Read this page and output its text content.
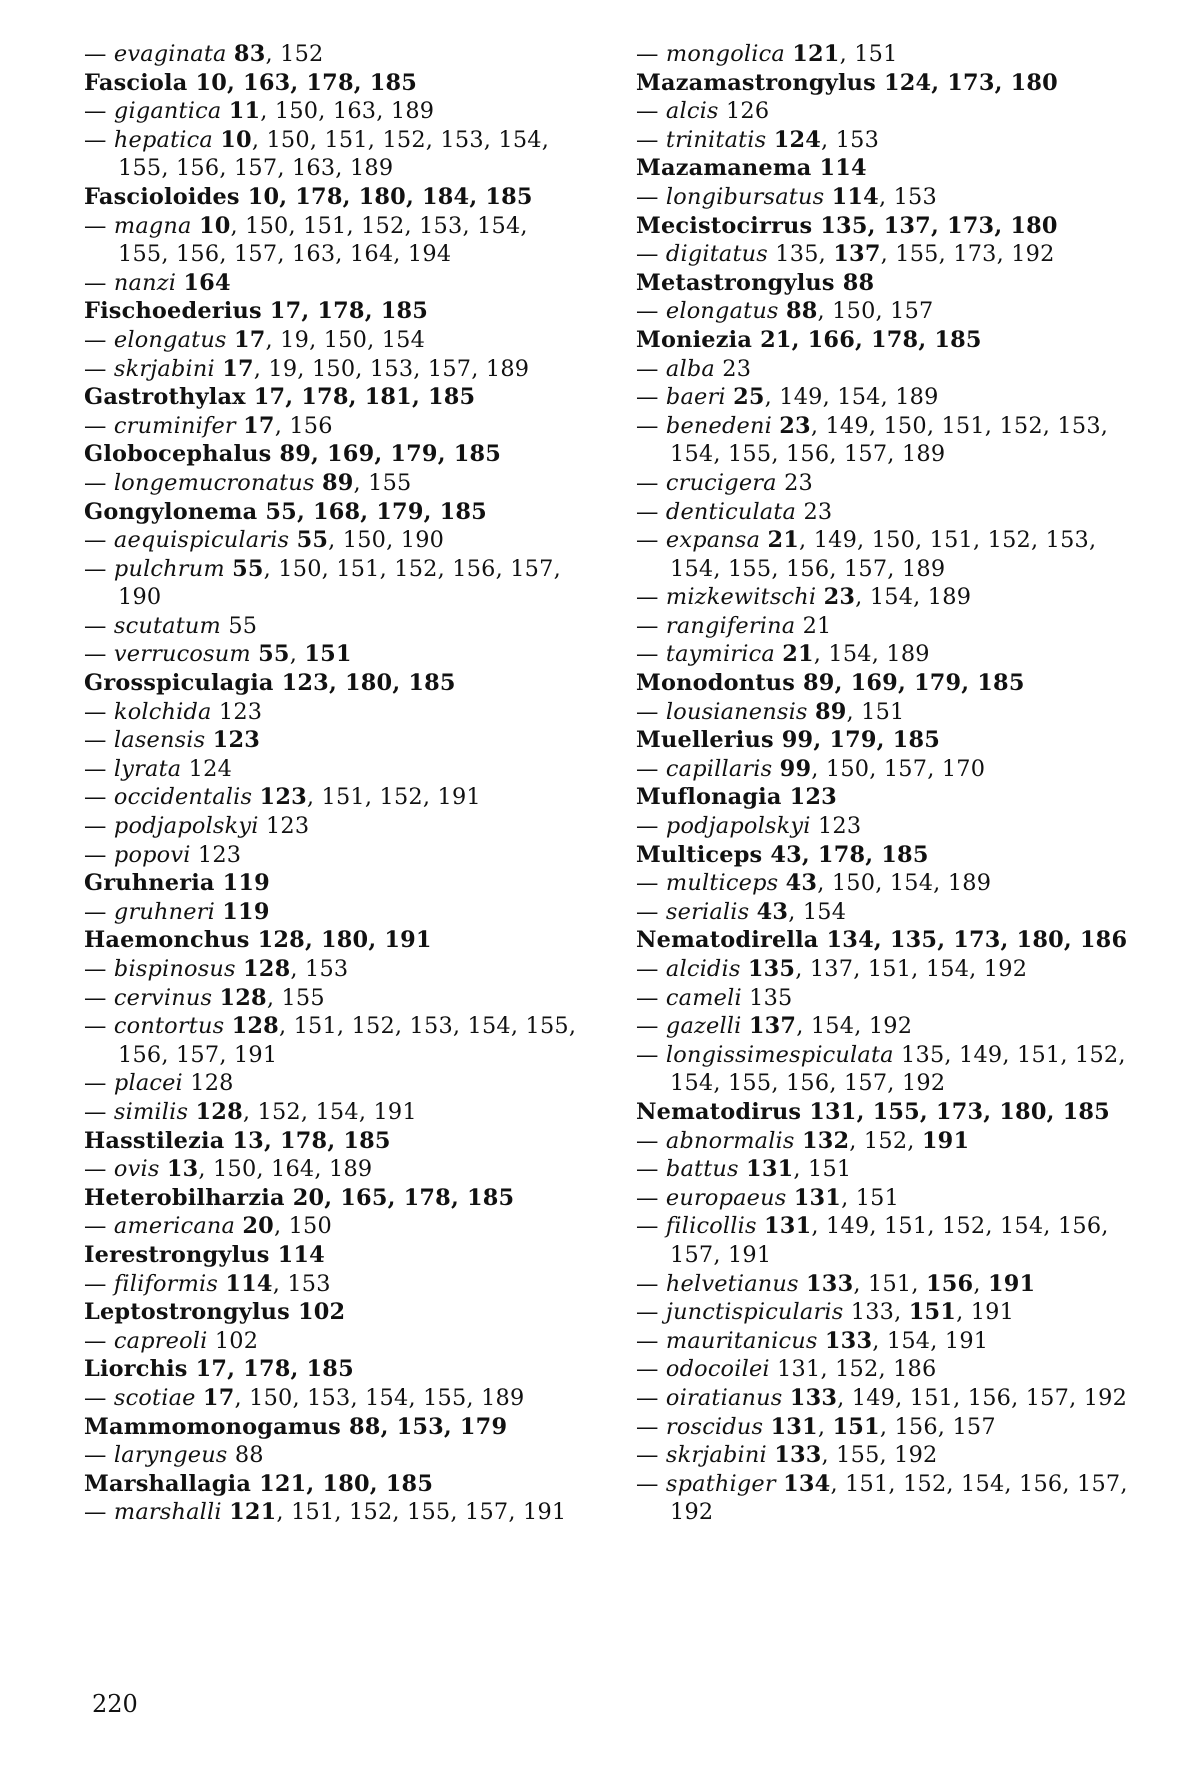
— evaginata 83, 152

Fasciola 10, 163, 178, 185

— gigantica 11, 150, 163, 189

— hepatica 10, 150, 151, 152, 153, 154, 155, 156, 157, 163, 189

Fascioloides 10, 178, 180, 184, 185

— magna 10, 150, 151, 152, 153, 154, 155, 156, 157, 163, 164, 194

— nanzi 164

Fischoederius 17, 178, 185

— elongatus 17, 19, 150, 154

— skrjabini 17, 19, 150, 153, 157, 189

Gastrothylax 17, 178, 181, 185

— cruminifer 17, 156

Globocephalus 89, 169, 179, 185

— longemucronatus 89, 155

Gongylonema 55, 168, 179, 185

— aequispicularis 55, 150, 190

— pulchrum 55, 150, 151, 152, 156, 157, 190

— scutatum 55

— verrucosum 55, 151

Grosspiculagia 123, 180, 185

— kolchida 123

— lasensis 123

— lyrata 124

— occidentalis 123, 151, 152, 191

— podjapolskyi 123

— popovi 123

Gruhneria 119

— gruhneri 119

Haemonchus 128, 180, 191

— bispinosus 128, 153

— cervinus 128, 155

— contortus 128, 151, 152, 153, 154, 155, 156, 157, 191

— placei 128

— similis 128, 152, 154, 191

Hasstilezia 13, 178, 185

— ovis 13, 150, 164, 189

Heterobilharzia 20, 165, 178, 185

— americana 20, 150

Ierestrongylus 114

— filiformis 114, 153

Leptostrongylus 102

— capreoli 102

Liorchis 17, 178, 185

— scotiae 17, 150, 153, 154, 155, 189

Mammomonogamus 88, 153, 179

— laryngeus 88

Marshallagia 121, 180, 185

— marshalli 121, 151, 152, 155, 157, 191

— mongolica 121, 151

Mazamastrongylus 124, 173, 180

— alcis 126

— trinitatis 124, 153

Mazamanema 114

— longibursatus 114, 153

Mecistocirrus 135, 137, 173, 180

— digitatus 135, 137, 155, 173, 192

Metastrongylus 88

— elongatus 88, 150, 157

Moniezia 21, 166, 178, 185

— alba 23

— baeri 25, 149, 154, 189

— benedeni 23, 149, 150, 151, 152, 153, 154, 155, 156, 157, 189

— crucigera 23

— denticulata 23

— expansa 21, 149, 150, 151, 152, 153, 154, 155, 156, 157, 189

— mizkewitschi 23, 154, 189

— rangiferina 21

— taymirica 21, 154, 189

Monodontus 89, 169, 179, 185

— lousianensis 89, 151

Muellerius 99, 179, 185

— capillaris 99, 150, 157, 170

Muflonagia 123

— podjapolskyi 123

Multiceps 43, 178, 185

— multiceps 43, 150, 154, 189

— serialis 43, 154

Nematodirella 134, 135, 173, 180, 186

— alcidis 135, 137, 151, 154, 192

— cameli 135

— gazelli 137, 154, 192

— longissimespiculata 135, 149, 151, 152, 154, 155, 156, 157, 192

Nematodirus 131, 155, 173, 180, 185

— abnormalis 132, 152, 191

— battus 131, 151

— europaeus 131, 151

— filicollis 131, 149, 151, 152, 154, 156, 157, 191

— helvetianus 133, 151, 156, 191

— junctispicularis 133, 151, 191

— mauritanicus 133, 154, 191

— odocoilei 131, 152, 186

— oiratianus 133, 149, 151, 156, 157, 192

— roscidus 131, 151, 156, 157

— skrjabini 133, 155, 192

— spathiger 134, 151, 152, 154, 156, 157, 192

220
